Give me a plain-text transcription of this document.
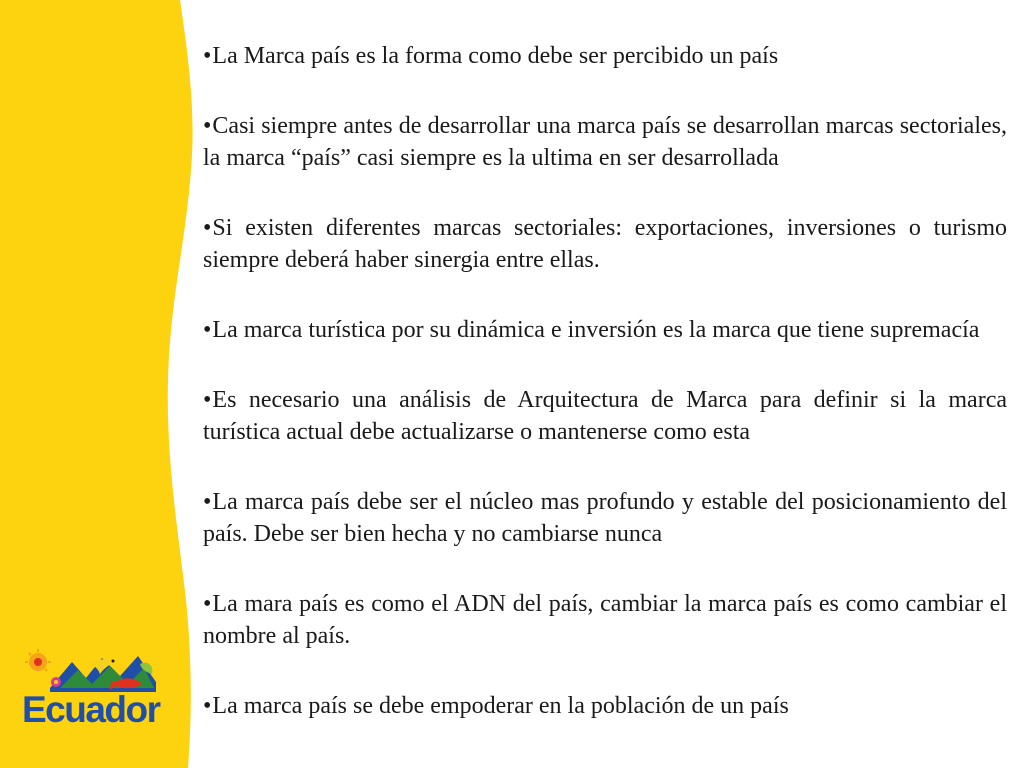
•La Marca país es la forma como debe ser percibido un país

•Casi siempre antes de desarrollar una marca país se desarrollan marcas sectoriales, la marca “país” casi siempre es la ultima en ser desarrollada

•Si existen diferentes marcas sectoriales: exportaciones, inversiones o turismo siempre deberá haber sinergia entre ellas.

•La marca turística por su dinámica e inversión es la marca que tiene supremacía

•Es necesario una análisis de Arquitectura de Marca para definir si la marca turística actual debe actualizarse o mantenerse como esta

•La marca país debe ser el núcleo mas profundo y estable del posicionamiento del país. Debe ser bien hecha y no cambiarse nunca

•La mara país es como el ADN del país, cambiar la marca país es como cambiar el nombre al país.

•La marca país se debe empoderar en la población de un país

Ecuador
